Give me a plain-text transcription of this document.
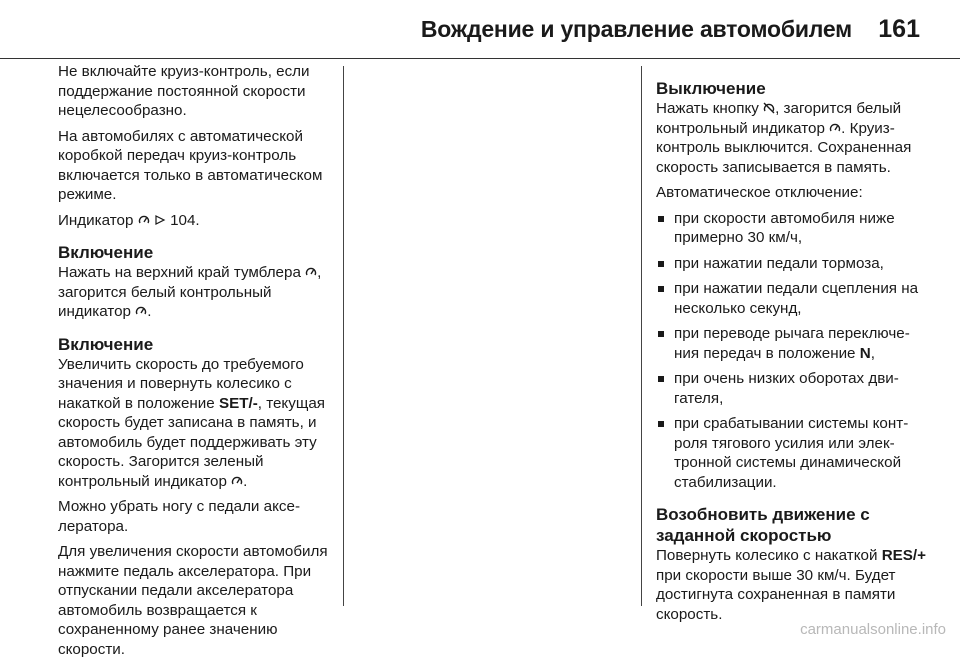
Вождение и управление автомобилем 161

Не включайте круиз-контроль, если поддержание постоянной скорости нецелесообразно.

На автомобилях с автоматической коробкой передач круиз-контроль включается только в автоматическом режиме.

Индикатор

104.

Включение

Нажать на верхний край тумблера
, загорится белый контрольный индикатор
.

Включение

Увеличить скорость до требуемого значения и повернуть колесико с накаткой в положение SET/-, текущая скорость будет записана в память, и автомобиль будет поддерживать эту скорость. Загорится зеленый контрольный индикатор
.

Можно убрать ногу с педали акселератора.

Для увеличения скорости автомобиля нажмите педаль акселератора. При отпускании педали акселератора автомобиль возвращается к сохраненному ранее значению скорости.

Выключение

Нажать кнопку
, загорится белый контрольный индикатор
. Круиз-контроль выключится. Сохраненная скорость записывается в память.

Автоматическое отключение:

при скорости автомобиля ниже примерно 30 км/ч,
при нажатии педали тормоза,
при нажатии педали сцепления на несколько секунд,
при переводе рычага переключения передач в положение N,
при очень низких оборотах двигателя,
при срабатывании системы контроля тягового усилия или электронной системы динамической стабилизации.
Возобновить движение с заданной скоростью

Повернуть колесико с накаткой RES/+ при скорости выше 30 км/ч. Будет достигнута сохраненная в памяти скорость.

carmanualsonline.info
